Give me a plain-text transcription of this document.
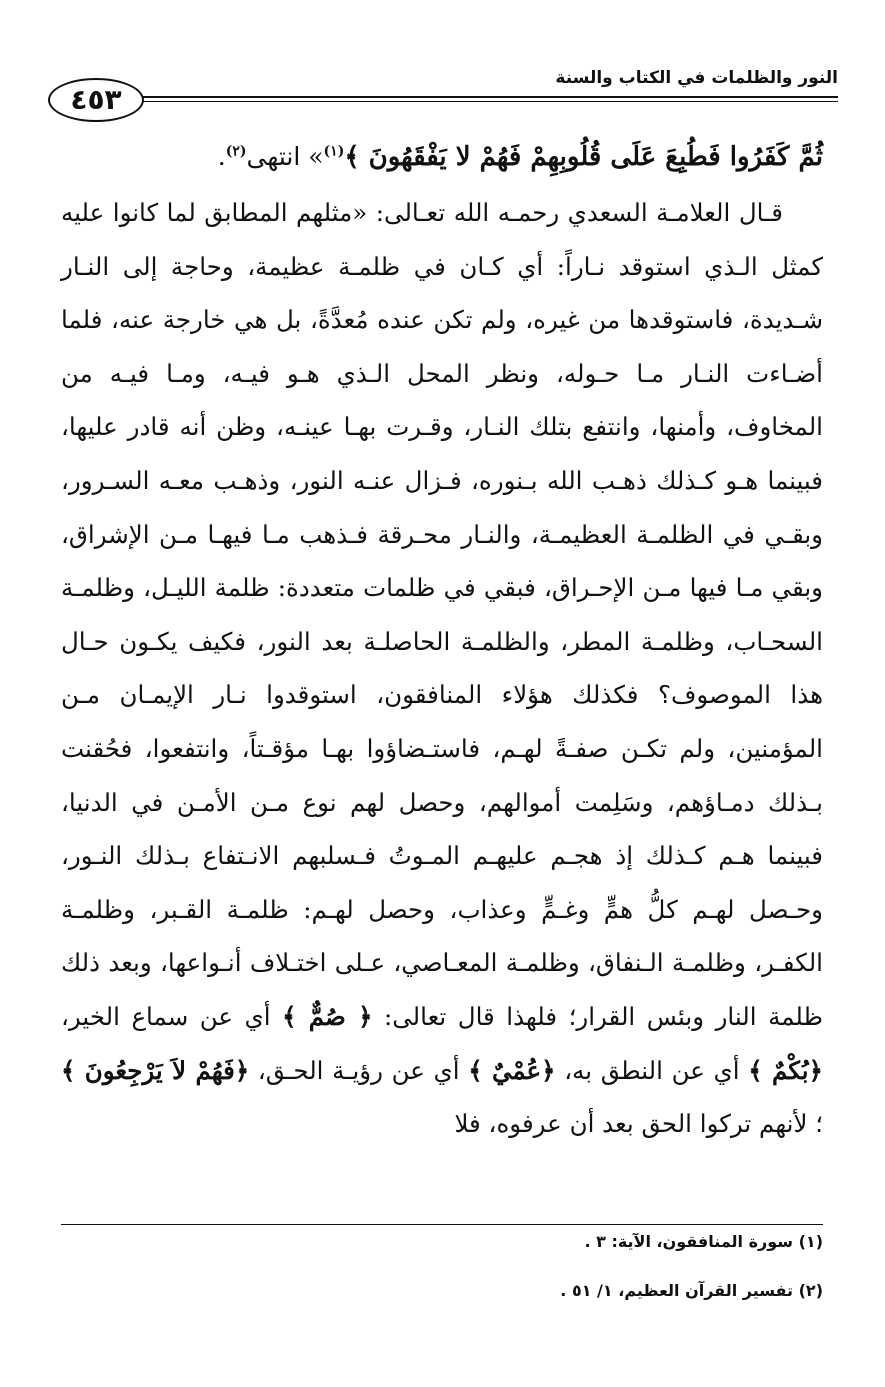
النور والظلمات في الكتاب والسنة
٤٥٣

ثُمَّ كَفَرُوا فَطُبِعَ عَلَى قُلُوبِهِمْ فَهُمْ لا يَفْقَهُونَ ﴾$^{(١)}$» انتهى$^{(٢)}$.

قـال العلامـة السعدي رحمـه الله تعـالى: «مثلهم المطابق لما كانوا عليه كمثل الـذي استوقد نـاراً: أي كـان في ظلمـة عظيمة، وحاجة إلى النـار شـديدة، فاستوقدها من غيره، ولم تكن عنده مُعدَّةً، بل هي خارجة عنه، فلما أضـاءت النـار مـا حـوله، ونظر المحل الـذي هـو فيـه، ومـا فيـه من المخاوف، وأمنها، وانتفع بتلك النـار، وقـرت بهـا عينـه، وظن أنه قادر عليها، فبينما هـو كـذلك ذهـب الله بـنوره، فـزال عنـه النور، وذهـب معـه السـرور، وبقـي في الظلمـة العظيمـة، والنـار محـرقة فـذهب مـا فيهـا مـن الإشراق، وبقي مـا فيها مـن الإحـراق، فبقي في ظلمات متعددة: ظلمة الليـل، وظلمـة السحـاب، وظلمـة المطر، والظلمـة الحاصلـة بعد النور، فكيف يكـون حـال هذا الموصوف؟ فكذلك هؤلاء المنافقون، استوقدوا نـار الإيمـان مـن المؤمنين، ولم تكـن صفـةً لهـم، فاستـضاؤوا بهـا مؤقـتاً، وانتفعوا، فحُقنت بـذلك دمـاؤهم، وسَلِمت أموالهم، وحصل لهم نوع مـن الأمـن في الدنيا، فبينما هـم كـذلك إذ هجـم عليهـم المـوتُ فـسلبهم الانـتفاع بـذلك النـور، وحـصل لهـم كلُّ همٍّ وغـمٍّ وعذاب، وحصل لهـم: ظلمـة القـبر، وظلمـة الكفـر، وظلمـة الـنفاق، وظلمـة المعـاصي، عـلى اختـلاف أنـواعها، وبعد ذلك ظلمة النار وبئس القرار؛ فلهذا قال تعالى: ﴿ صُمٌّ ﴾ أي عن سماع الخير، ﴿بُكْمٌ ﴾ أي عن النطق به، ﴿عُمْيٌ ﴾ أي عن رؤيـة الحـق، ﴿فَهُمْ لاَ يَرْجِعُونَ ﴾ ؛ لأنهم تركوا الحق بعد أن عرفوه، فلا

(١) سورة المنافقون، الآية: ٣ .

(٢) تفسير القرآن العظيم، ١/ ٥١ .
